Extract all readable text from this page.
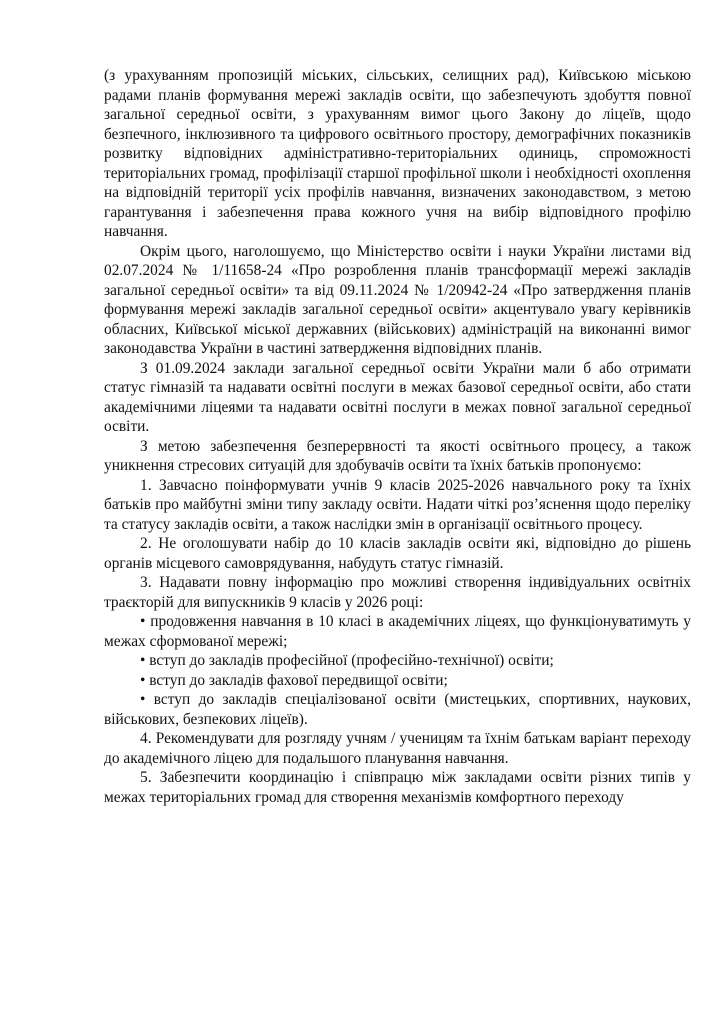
(з урахуванням пропозицій міських, сільських, селищних рад), Київською міською радами планів формування мережі закладів освіти, що забезпечують здобуття повної загальної середньої освіти, з урахуванням вимог цього Закону до ліцеїв, щодо безпечного, інклюзивного та цифрового освітнього простору, демографічних показників розвитку відповідних адміністративно-територіальних одиниць, спроможності територіальних громад, профілізації старшої профільної школи і необхідності охоплення на відповідній території усіх профілів навчання, визначених законодавством, з метою гарантування і забезпечення права кожного учня на вибір відповідного профілю навчання.

Окрім цього, наголошуємо, що Міністерство освіти і науки України листами від 02.07.2024 № 1/11658-24 «Про розроблення планів трансформації мережі закладів загальної середньої освіти» та від 09.11.2024 № 1/20942-24 «Про затвердження планів формування мережі закладів загальної середньої освіти» акцентувало увагу керівників обласних, Київської міської державних (військових) адміністрацій на виконанні вимог законодавства України в частині затвердження відповідних планів.

З 01.09.2024 заклади загальної середньої освіти України мали б або отримати статус гімназій та надавати освітні послуги в межах базової середньої освіти, або стати академічними ліцеями та надавати освітні послуги в межах повної загальної середньої освіти.

З метою забезпечення безперервності та якості освітнього процесу, а також уникнення стресових ситуацій для здобувачів освіти та їхніх батьків пропонуємо:

1. Завчасно поінформувати учнів 9 класів 2025-2026 навчального року та їхніх батьків про майбутні зміни типу закладу освіти. Надати чіткі роз’яснення щодо переліку та статусу закладів освіти, а також наслідки змін в організації освітнього процесу.

2. Не оголошувати набір до 10 класів закладів освіти які, відповідно до рішень органів місцевого самоврядування, набудуть статус гімназій.

3. Надавати повну інформацію про можливі створення індивідуальних освітніх траєкторій для випускників 9 класів у 2026 році:

• продовження навчання в 10 класі в академічних ліцеях, що функціонуватимуть у межах сформованої мережі;

• вступ до закладів професійної (професійно-технічної) освіти;

• вступ до закладів фахової передвищої освіти;

• вступ до закладів спеціалізованої освіти (мистецьких, спортивних, наукових, військових, безпекових ліцеїв).

4. Рекомендувати для розгляду учням / ученицям та їхнім батькам варіант переходу до академічного ліцею для подальшого планування навчання.

5. Забезпечити координацію і співпрацю між закладами освіти різних типів у межах територіальних громад для створення механізмів комфортного переходу
